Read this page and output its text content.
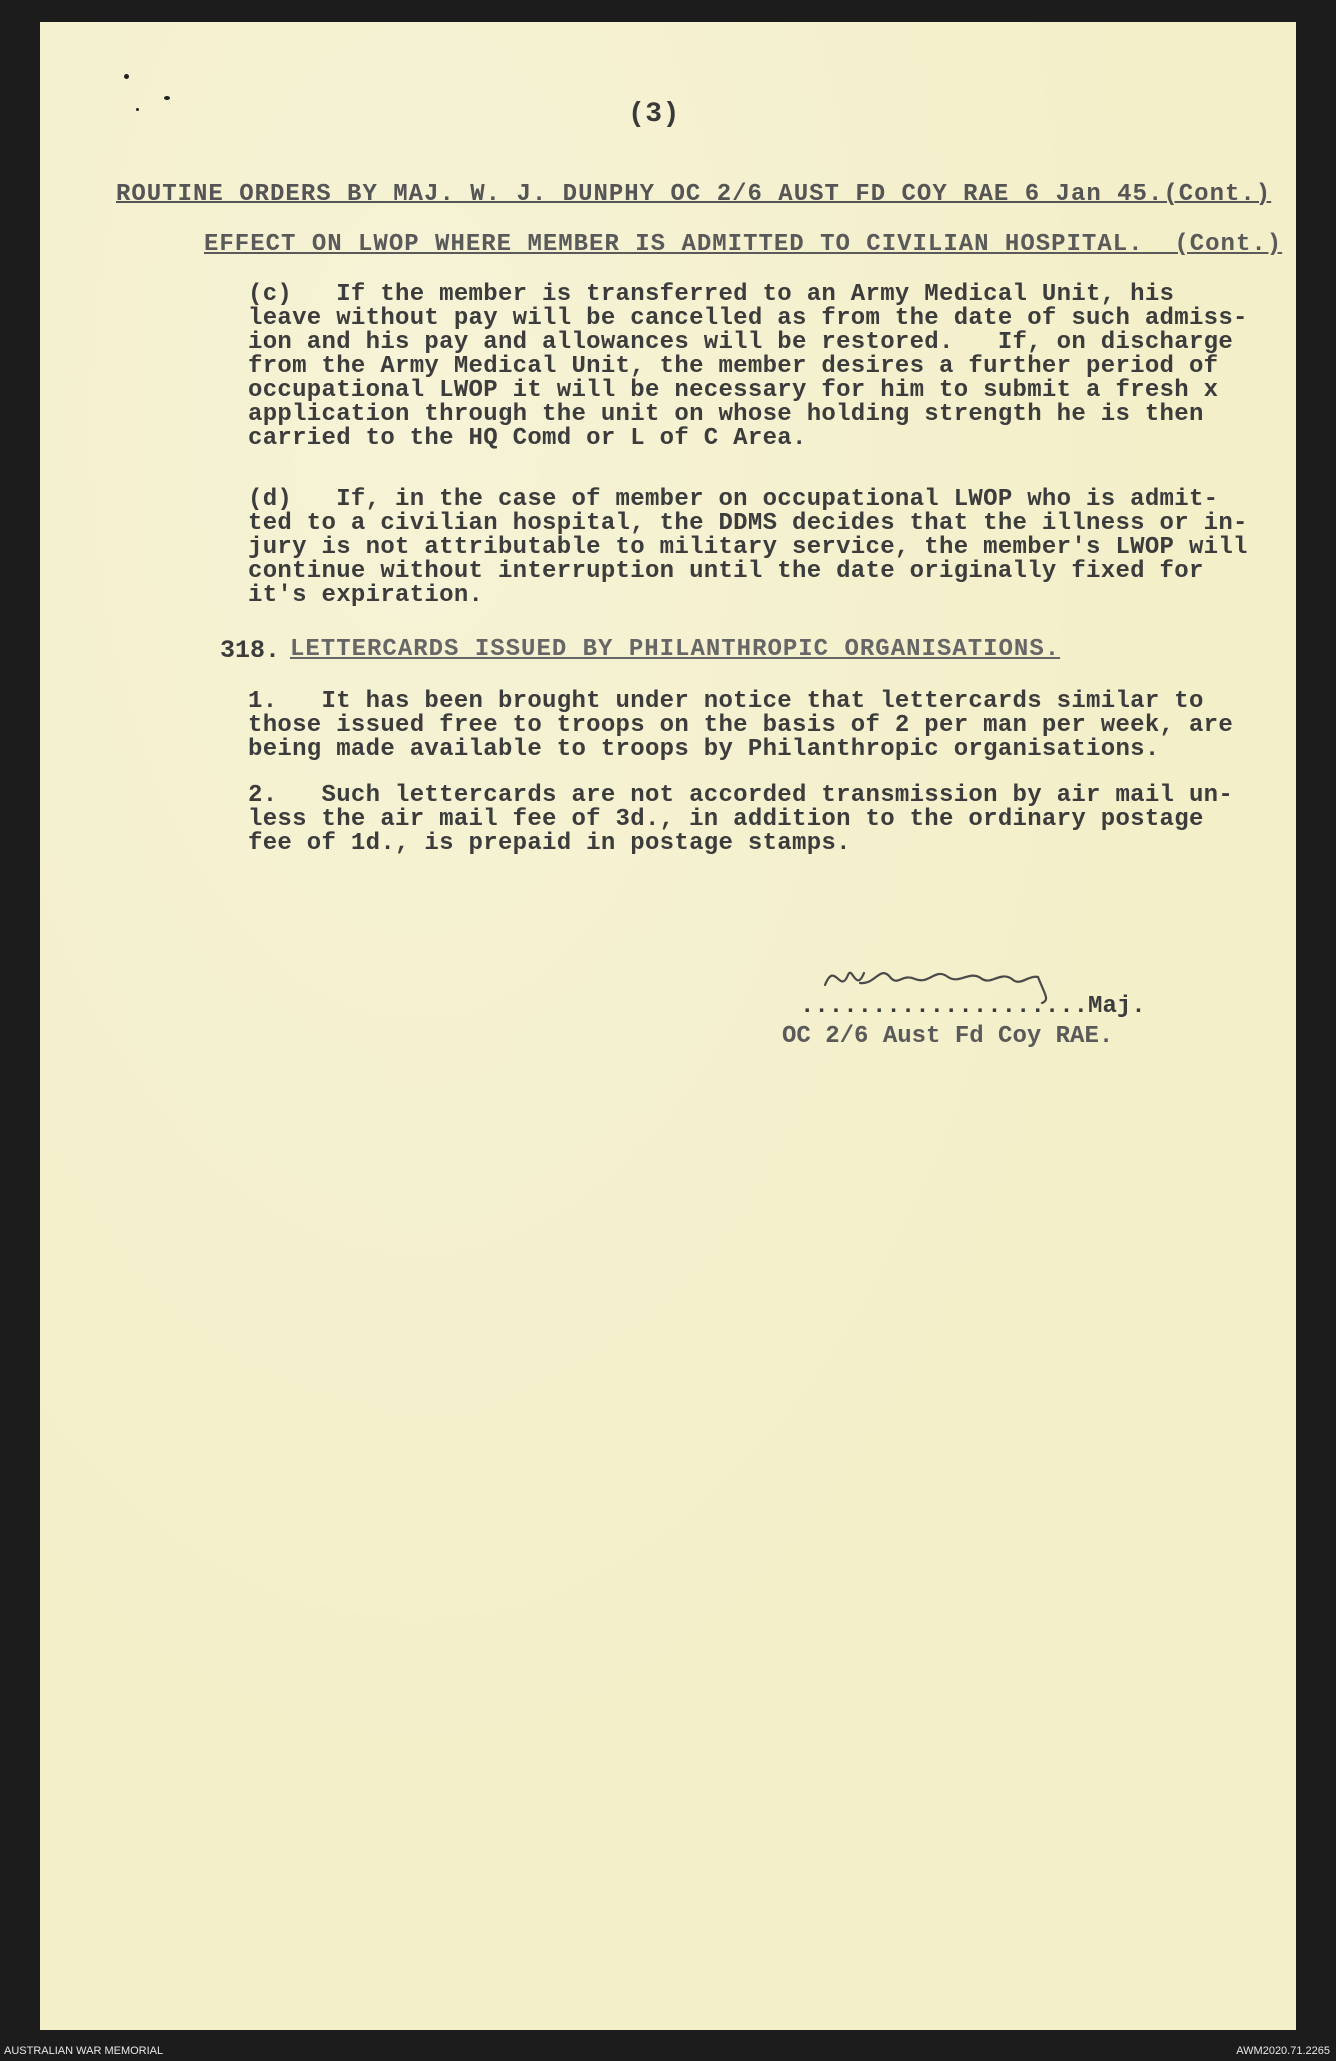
(3)
ROUTINE ORDERS BY MAJ. W. J. DUNPHY OC 2/6 AUST FD COY RAE 6 Jan 45.(Cont.)
EFFECT ON LWOP WHERE MEMBER IS ADMITTED TO CIVILIAN HOSPITAL.  (Cont.)
(c)   If the member is transferred to an Army Medical Unit, his
leave without pay will be cancelled as from the date of such admiss-
ion and his pay and allowances will be restored.   If, on discharge
from the Army Medical Unit, the member desires a further period of
occupational LWOP it will be necessary for him to submit a fresh x
application through the unit on whose holding strength he is then
carried to the HQ Comd or L of C Area.
(d)   If, in the case of member on occupational LWOP who is admit-
ted to a civilian hospital, the DDMS decides that the illness or in-
jury is not attributable to military service, the member's LWOP will
continue without interruption until the date originally fixed for
it's expiration.
318. LETTERCARDS ISSUED BY PHILANTHROPIC ORGANISATIONS.
1.   It has been brought under notice that lettercards similar to
those issued free to troops on the basis of 2 per man per week, are
being made available to troops by Philanthropic organisations.
2.   Such lettercards are not accorded transmission by air mail un-
less the air mail fee of 3d., in addition to the ordinary postage
fee of 1d., is prepaid in postage stamps.
....................Maj.
OC 2/6 Aust Fd Coy RAE.
AUSTRALIAN WAR MEMORIAL	AWM2020.71.2265
